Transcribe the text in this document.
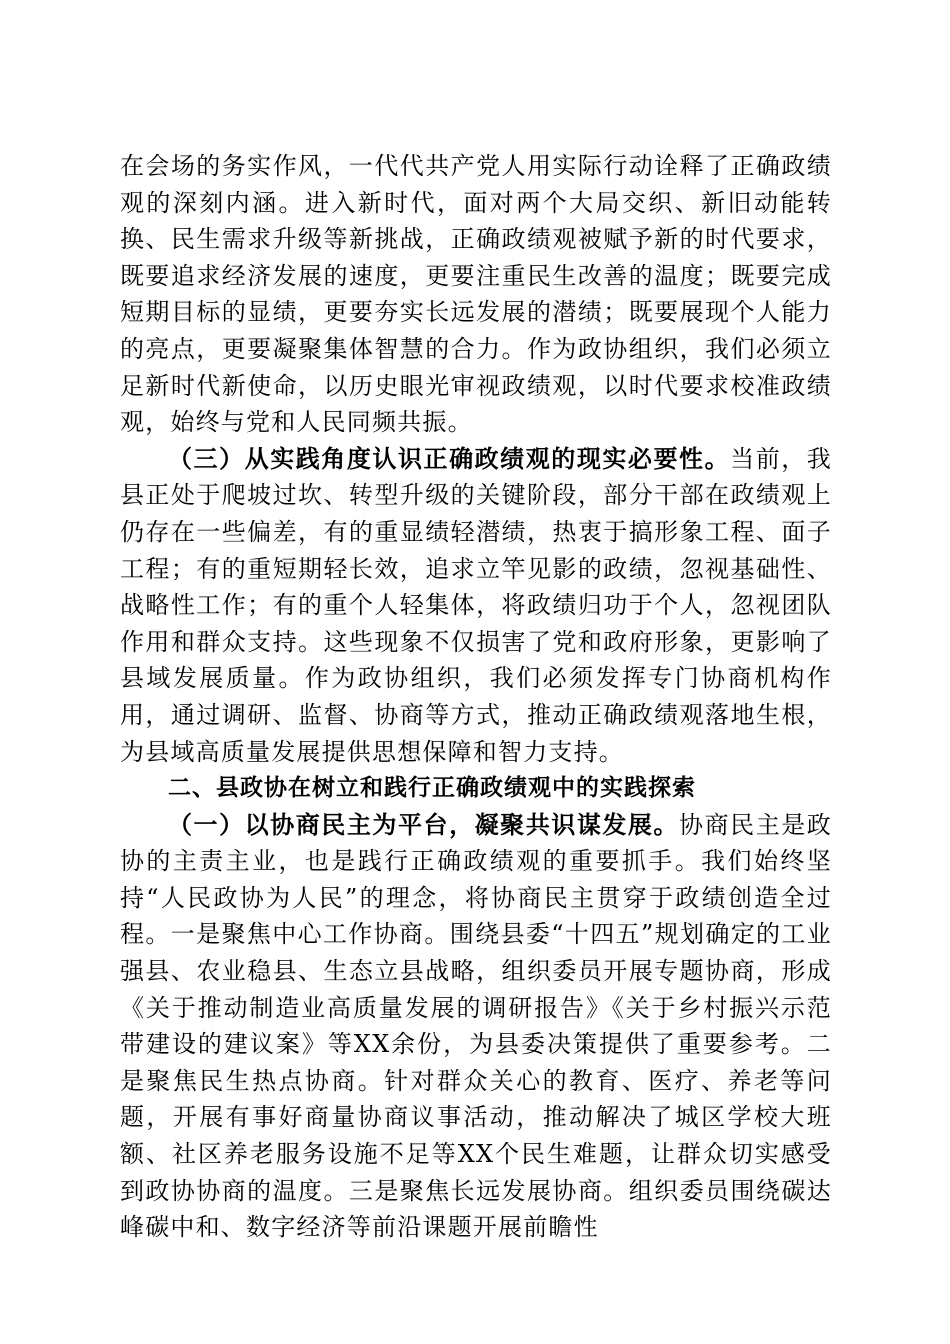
在会场的务实作风，一代代共产党人用实际行动诠释了正确政绩观的深刻内涵。进入新时代，面对两个大局交织、新旧动能转换、民生需求升级等新挑战，正确政绩观被赋予新的时代要求，既要追求经济发展的速度，更要注重民生改善的温度；既要完成短期目标的显绩，更要夯实长远发展的潜绩；既要展现个人能力的亮点，更要凝聚集体智慧的合力。作为政协组织，我们必须立足新时代新使命，以历史眼光审视政绩观，以时代要求校准政绩观，始终与党和人民同频共振。

（三）从实践角度认识正确政绩观的现实必要性。当前，我县正处于爬坡过坎、转型升级的关键阶段，部分干部在政绩观上仍存在一些偏差，有的重显绩轻潜绩，热衷于搞形象工程、面子工程；有的重短期轻长效，追求立竿见影的政绩，忽视基础性、战略性工作；有的重个人轻集体，将政绩归功于个人，忽视团队作用和群众支持。这些现象不仅损害了党和政府形象，更影响了县域发展质量。作为政协组织，我们必须发挥专门协商机构作用，通过调研、监督、协商等方式，推动正确政绩观落地生根，为县域高质量发展提供思想保障和智力支持。

二、县政协在树立和践行正确政绩观中的实践探索

（一）以协商民主为平台，凝聚共识谋发展。协商民主是政协的主责主业，也是践行正确政绩观的重要抓手。我们始终坚持“人民政协为人民”的理念，将协商民主贯穿于政绩创造全过程。一是聚焦中心工作协商。围绕县委“十四五”规划确定的工业强县、农业稳县、生态立县战略，组织委员开展专题协商，形成《关于推动制造业高质量发展的调研报告》《关于乡村振兴示范带建设的建议案》等XX余份，为县委决策提供了重要参考。二是聚焦民生热点协商。针对群众关心的教育、医疗、养老等问题，开展有事好商量协商议事活动，推动解决了城区学校大班额、社区养老服务设施不足等XX个民生难题，让群众切实感受到政协协商的温度。三是聚焦长远发展协商。组织委员围绕碳达峰碳中和、数字经济等前沿课题开展前瞻性
